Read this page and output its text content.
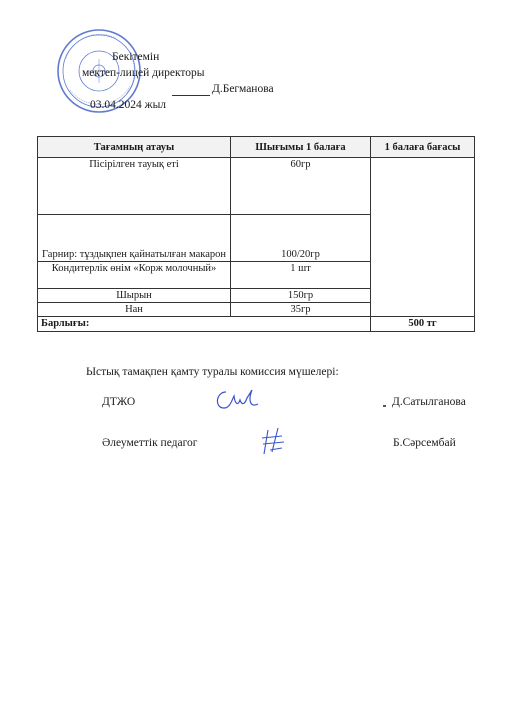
Бекітемін
мектеп-лицей директоры
Д.Бегманова
03.04.2024 жыл
Тағамның атауы	Шығымы 1 балаға	1 балаға бағасы
Пісірілген тауық еті	60гр	
Гарнир: тұздықпен қайнатылған макарон	100/20гр	
Кондитерлік өнім «Корж молочный»	1 шт	
Шырын	150гр	
Нан	35гр	
Барлығы:		500 тг
Ыстық тамақпен қамту туралы комиссия мүшелері:
ДТЖО	Д.Сатылганова
Әлеуметтік педагог	Б.Сәрсембай
